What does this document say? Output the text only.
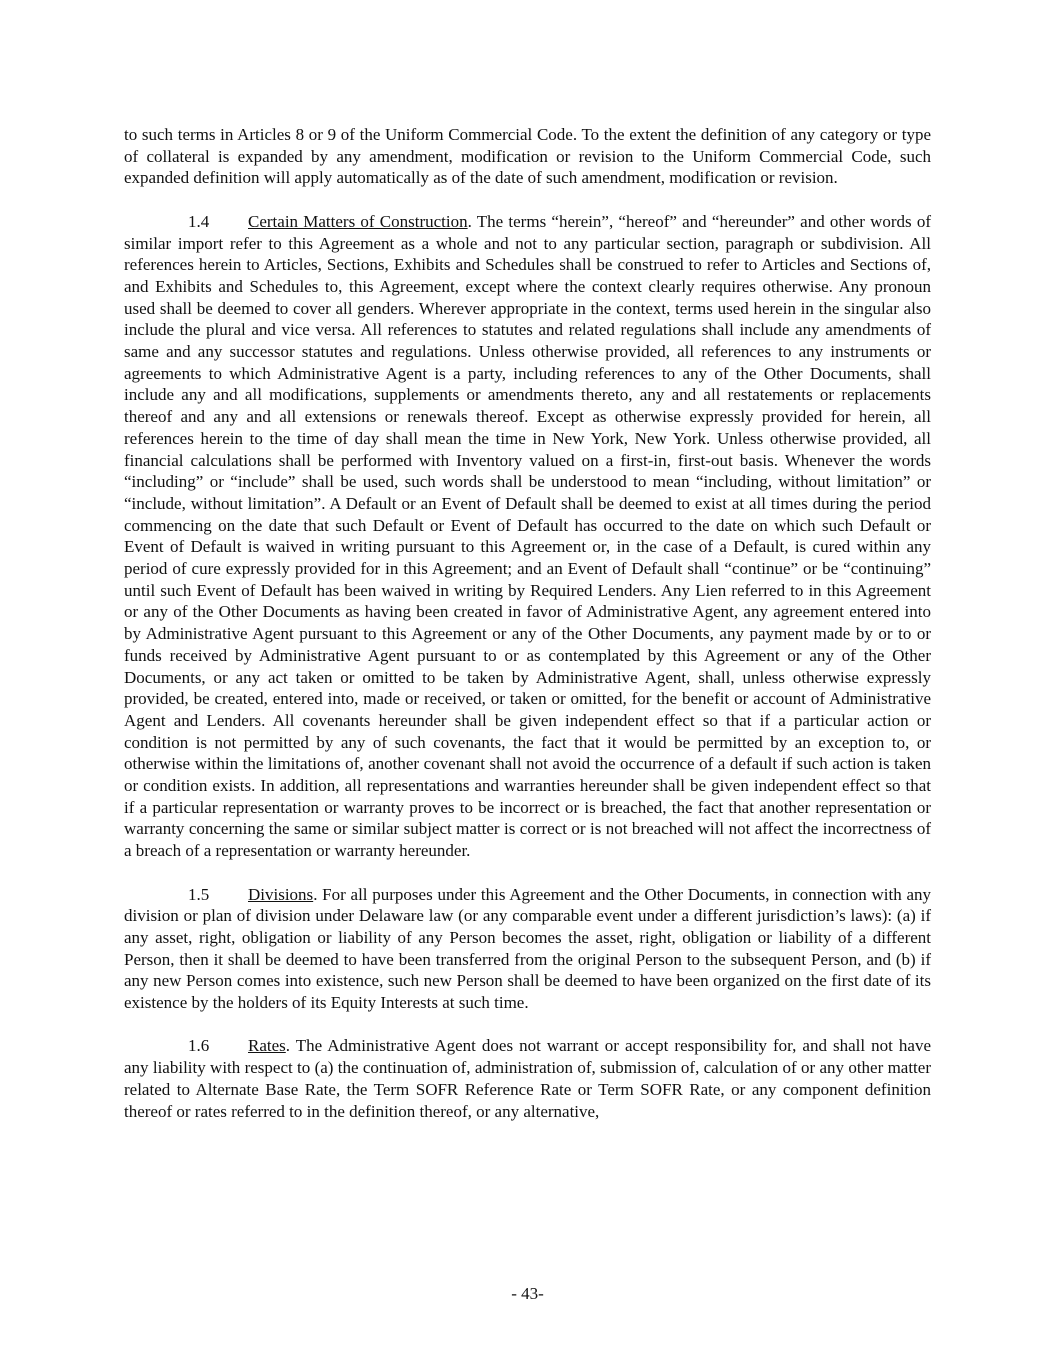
to such terms in Articles 8 or 9 of the Uniform Commercial Code. To the extent the definition of any category or type of collateral is expanded by any amendment, modification or revision to the Uniform Commercial Code, such expanded definition will apply automatically as of the date of such amendment, modification or revision.

1.4 Certain Matters of Construction. The terms “herein”, “hereof” and “hereunder” and other words of similar import refer to this Agreement as a whole and not to any particular section, paragraph or subdivision. All references herein to Articles, Sections, Exhibits and Schedules shall be construed to refer to Articles and Sections of, and Exhibits and Schedules to, this Agreement, except where the context clearly requires otherwise. Any pronoun used shall be deemed to cover all genders. Wherever appropriate in the context, terms used herein in the singular also include the plural and vice versa. All references to statutes and related regulations shall include any amendments of same and any successor statutes and regulations. Unless otherwise provided, all references to any instruments or agreements to which Administrative Agent is a party, including references to any of the Other Documents, shall include any and all modifications, supplements or amendments thereto, any and all restatements or replacements thereof and any and all extensions or renewals thereof. Except as otherwise expressly provided for herein, all references herein to the time of day shall mean the time in New York, New York. Unless otherwise provided, all financial calculations shall be performed with Inventory valued on a first-in, first-out basis. Whenever the words “including” or “include” shall be used, such words shall be understood to mean “including, without limitation” or “include, without limitation”. A Default or an Event of Default shall be deemed to exist at all times during the period commencing on the date that such Default or Event of Default has occurred to the date on which such Default or Event of Default is waived in writing pursuant to this Agreement or, in the case of a Default, is cured within any period of cure expressly provided for in this Agreement; and an Event of Default shall “continue” or be “continuing” until such Event of Default has been waived in writing by Required Lenders. Any Lien referred to in this Agreement or any of the Other Documents as having been created in favor of Administrative Agent, any agreement entered into by Administrative Agent pursuant to this Agreement or any of the Other Documents, any payment made by or to or funds received by Administrative Agent pursuant to or as contemplated by this Agreement or any of the Other Documents, or any act taken or omitted to be taken by Administrative Agent, shall, unless otherwise expressly provided, be created, entered into, made or received, or taken or omitted, for the benefit or account of Administrative Agent and Lenders. All covenants hereunder shall be given independent effect so that if a particular action or condition is not permitted by any of such covenants, the fact that it would be permitted by an exception to, or otherwise within the limitations of, another covenant shall not avoid the occurrence of a default if such action is taken or condition exists. In addition, all representations and warranties hereunder shall be given independent effect so that if a particular representation or warranty proves to be incorrect or is breached, the fact that another representation or warranty concerning the same or similar subject matter is correct or is not breached will not affect the incorrectness of a breach of a representation or warranty hereunder.

1.5 Divisions. For all purposes under this Agreement and the Other Documents, in connection with any division or plan of division under Delaware law (or any comparable event under a different jurisdiction’s laws): (a) if any asset, right, obligation or liability of any Person becomes the asset, right, obligation or liability of a different Person, then it shall be deemed to have been transferred from the original Person to the subsequent Person, and (b) if any new Person comes into existence, such new Person shall be deemed to have been organized on the first date of its existence by the holders of its Equity Interests at such time.

1.6 Rates. The Administrative Agent does not warrant or accept responsibility for, and shall not have any liability with respect to (a) the continuation of, administration of, submission of, calculation of or any other matter related to Alternate Base Rate, the Term SOFR Reference Rate or Term SOFR Rate, or any component definition thereof or rates referred to in the definition thereof, or any alternative,

- 43-
